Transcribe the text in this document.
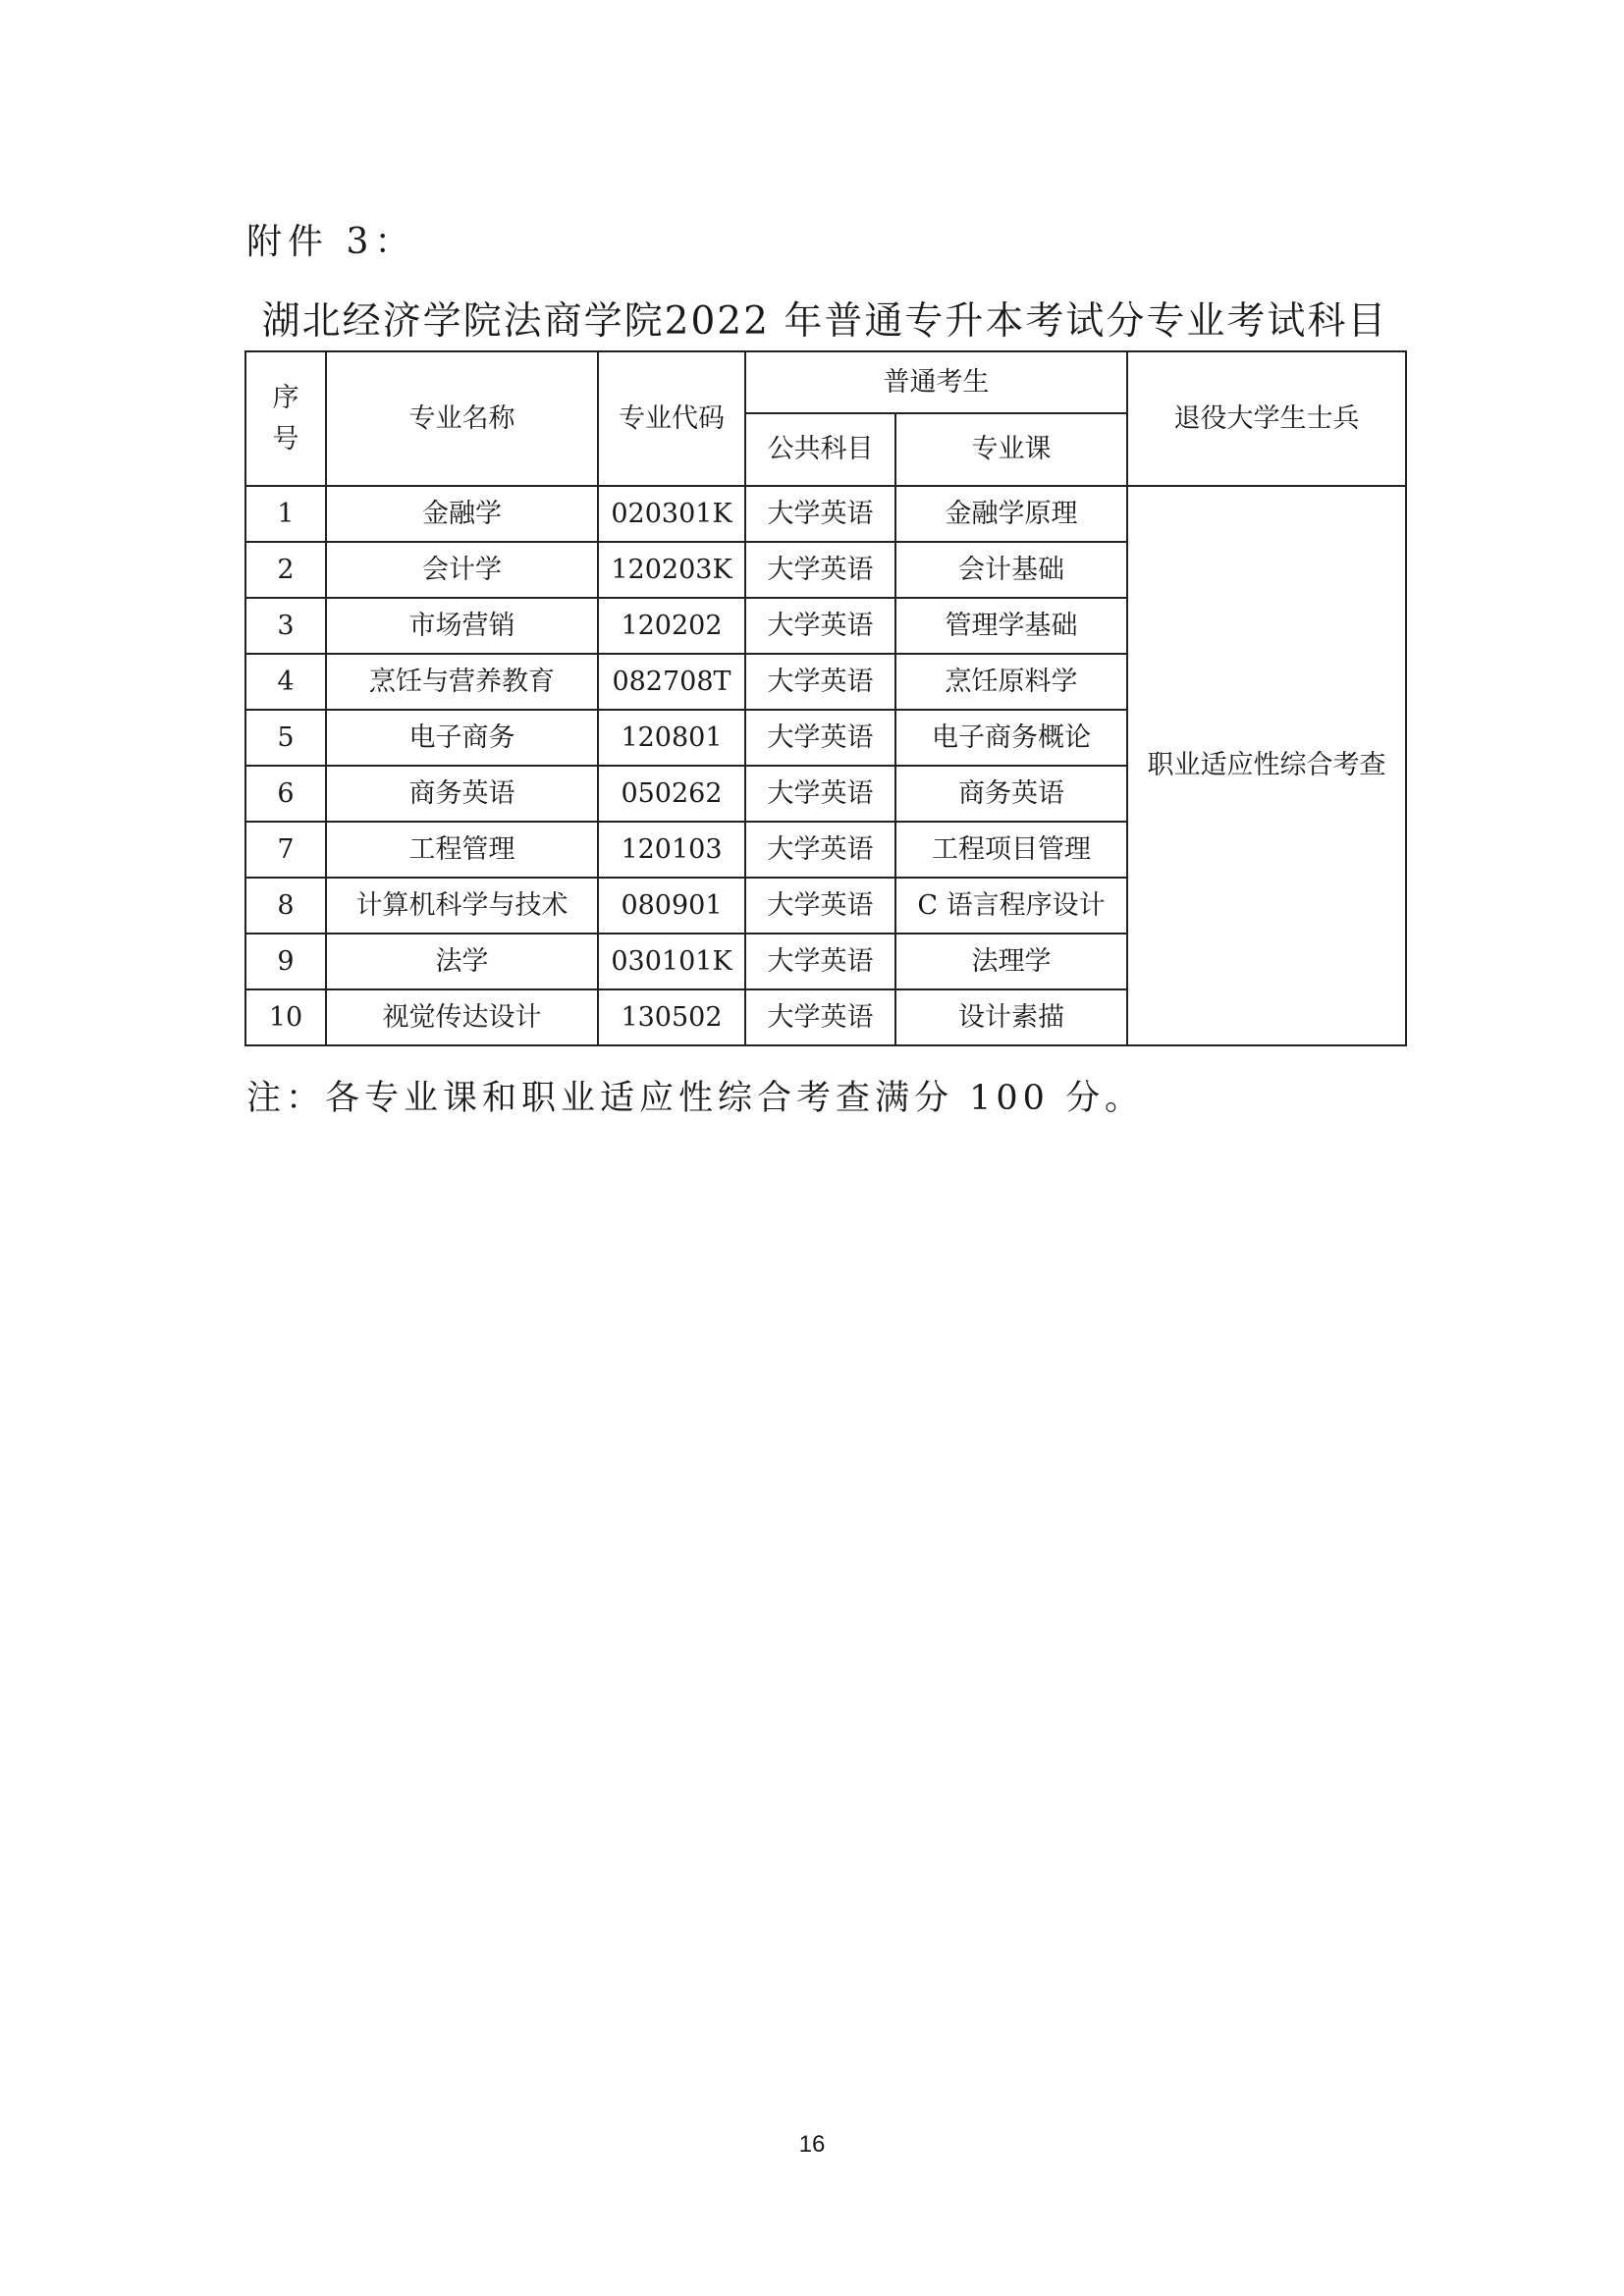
附件 3：
湖北经济学院法商学院2022 年普通专升本考试分专业考试科目
序号	专业名称	专业代码	普通考生		退役大学生士兵
			公共科目	专业课	
1	金融学	020301K	大学英语	金融学原理	职业适应性综合考查
2	会计学	120203K	大学英语	会计基础	
3	市场营销	120202	大学英语	管理学基础	
4	烹饪与营养教育	082708T	大学英语	烹饪原料学	
5	电子商务	120801	大学英语	电子商务概论	
6	商务英语	050262	大学英语	商务英语	
7	工程管理	120103	大学英语	工程项目管理	
8	计算机科学与技术	080901	大学英语	C 语言程序设计	
9	法学	030101K	大学英语	法理学	
10	视觉传达设计	130502	大学英语	设计素描	
注：各专业课和职业适应性综合考查满分 100 分。
16
